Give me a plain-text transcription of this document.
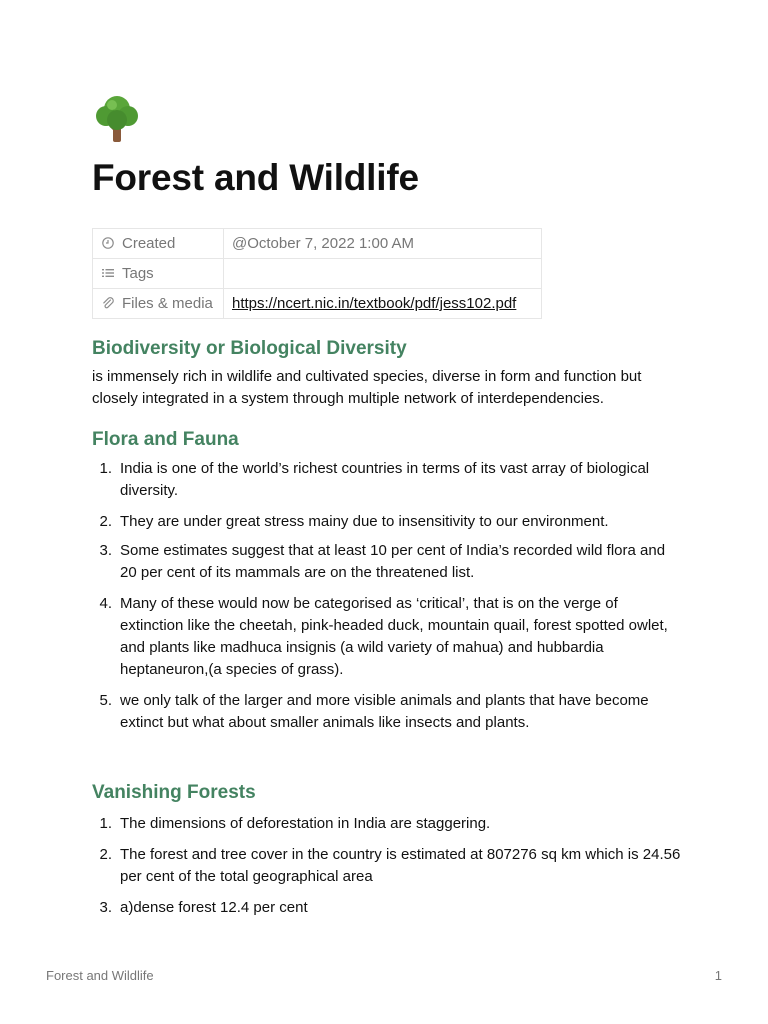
Forest and Wildlife
Created	@October 7, 2022 1:00 AM
Tags	
Files & media	https://ncert.nic.in/textbook/pdf/jess102.pdf
Biodiversity or Biological Diversity

is immensely rich in wildlife and cultivated species, diverse in form and function but closely integrated in a system through multiple network of interdependencies.

Flora and Fauna
1. India is one of the world’s richest countries in terms of its vast array of biological diversity.
2. They are under great stress mainy due to insensitivity to our environment.
3. Some estimates suggest that at least 10 per cent of India’s recorded wild flora and 20 per cent of its mammals are on the threatened list.
4. Many of these would now be categorised as ‘critical’, that is on the verge of extinction like the cheetah, pink-headed duck, mountain quail, forest spotted owlet, and plants like madhuca insignis (a wild variety of mahua) and hubbardia heptaneuron,(a species of grass).
5. we only talk of the larger and more visible animals and plants that have become extinct but what about smaller animals like insects and plants.
Vanishing Forests
1. The dimensions of deforestation in India are staggering.
2. The forest and tree cover in the country is estimated at 807276 sq km which is 24.56 per cent of the total geographical area
3. a)dense forest 12.4 per cent
Forest and Wildlife	1
